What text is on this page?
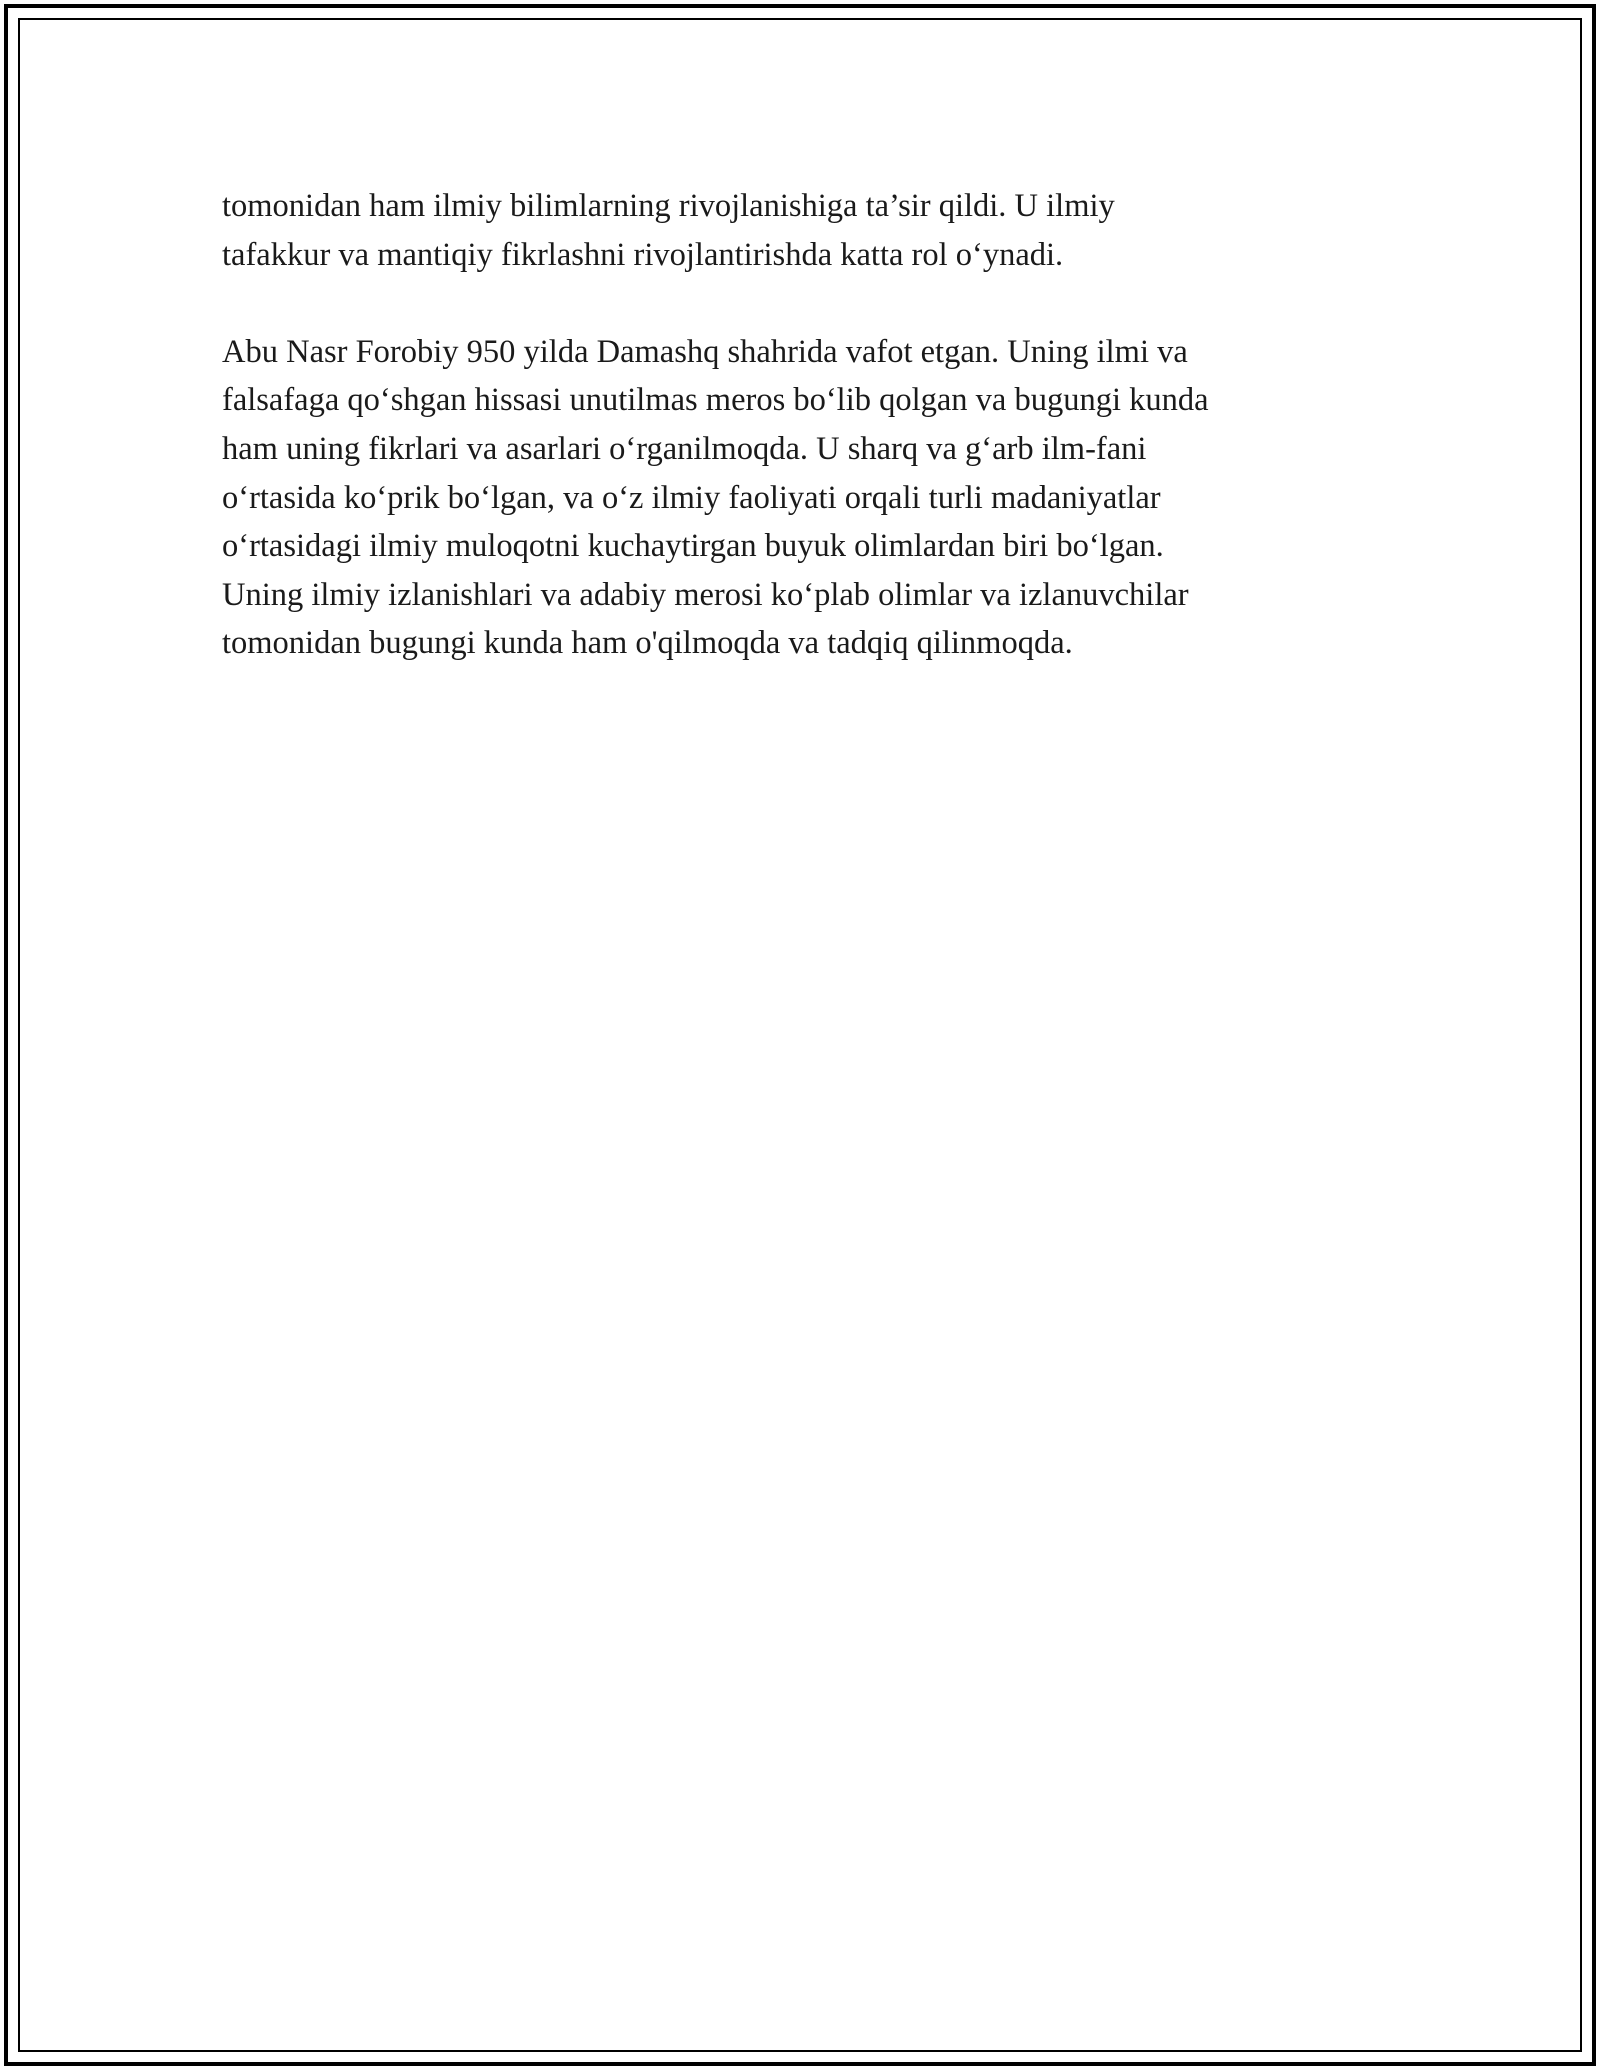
tomonidan ham ilmiy bilimlarning rivojlanishiga ta’sir qildi. U ilmiy
tafakkur va mantiqiy fikrlashni rivojlantirishda katta rol o‘ynadi.

Abu Nasr Forobiy 950 yilda Damashq shahrida vafot etgan. Uning ilmi va
falsafaga qo‘shgan hissasi unutilmas meros bo‘lib qolgan va bugungi kunda
ham uning fikrlari va asarlari o‘rganilmoqda. U sharq va g‘arb ilm-fani
o‘rtasida ko‘prik bo‘lgan, va o‘z ilmiy faoliyati orqali turli madaniyatlar
o‘rtasidagi ilmiy muloqotni kuchaytirgan buyuk olimlardan biri bo‘lgan.
Uning ilmiy izlanishlari va adabiy merosi ko‘plab olimlar va izlanuvchilar
tomonidan bugungi kunda ham o'qilmoqda va tadqiq qilinmoqda.
